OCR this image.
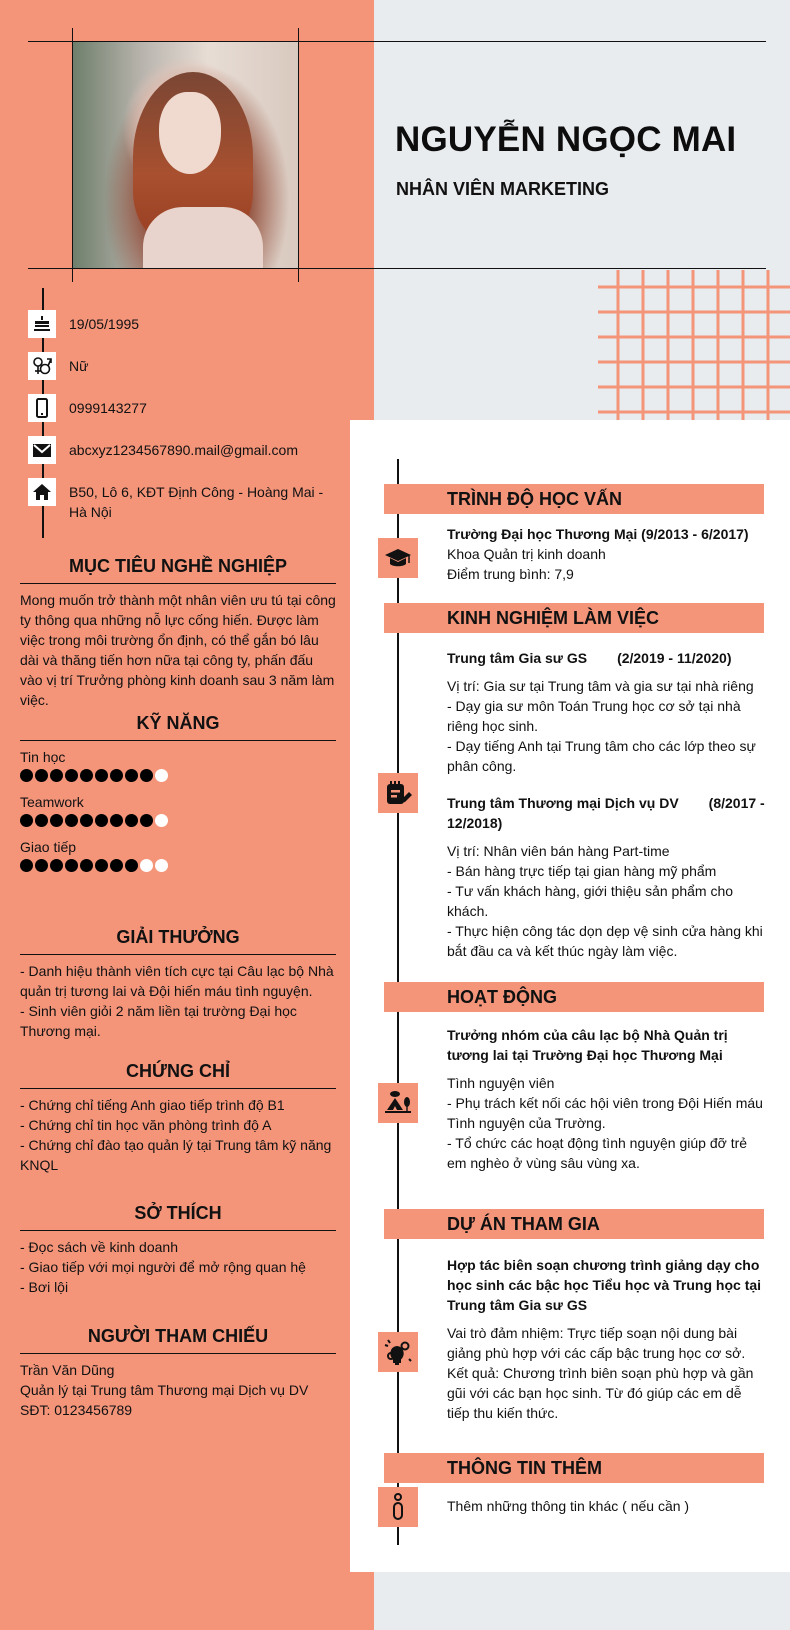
NGUYỄN NGỌC MAI
NHÂN VIÊN MARKETING
19/05/1995
Nữ
0999143277
abcxyz1234567890.mail@gmail.com
B50, Lô 6, KĐT Định Công - Hoàng Mai - Hà Nội
MỤC TIÊU NGHỀ NGHIỆP

Mong muốn trở thành một nhân viên ưu tú tại công ty thông qua những nỗ lực cống hiến. Được làm việc trong môi trường ổn định, có thể gắn bó lâu dài và thăng tiến hơn nữa tại công ty, phấn đấu vào vị trí Trưởng phòng kinh doanh sau 3 năm làm việc.

KỸ NĂNG
Tin học
Teamwork
Giao tiếp
GIẢI THƯỞNG

- Danh hiệu thành viên tích cực tại Câu lạc bộ Nhà quản trị tương lai và Đội hiến máu tình nguyện.

- Sinh viên giỏi 2 năm liền tại trường Đại học Thương mại.

CHỨNG CHỈ

- Chứng chỉ tiếng Anh giao tiếp trình độ B1

- Chứng chỉ tin học văn phòng trình độ A

- Chứng chỉ đào tạo quản lý tại Trung tâm kỹ năng KNQL

SỞ THÍCH

- Đọc sách về kinh doanh

- Giao tiếp với mọi người để mở rộng quan hệ

- Bơi lội

NGƯỜI THAM CHIẾU

Trần Văn Dũng

Quản lý tại Trung tâm Thương mại Dịch vụ DV

SĐT: 0123456789

TRÌNH ĐỘ HỌC VẤN
Trường Đại học Thương Mại (9/2013 - 6/2017)
Khoa Quản trị kinh doanh
Điểm trung bình: 7,9
KINH NGHIỆM LÀM VIỆC
Trung tâm Gia sư GS (2/2019 - 11/2020)
Vị trí: Gia sư tại Trung tâm và gia sư tại nhà riêng
- Dạy gia sư môn Toán Trung học cơ sở tại nhà riêng học sinh.
- Dạy tiếng Anh tại Trung tâm cho các lớp theo sự phân công.
Trung tâm Thương mại Dịch vụ DV (8/2017 - 12/2018)
Vị trí: Nhân viên bán hàng Part-time
- Bán hàng trực tiếp tại gian hàng mỹ phẩm
- Tư vấn khách hàng, giới thiệu sản phẩm cho khách.
- Thực hiện công tác dọn dẹp vệ sinh cửa hàng khi bắt đầu ca và kết thúc ngày làm việc.
HOẠT ĐỘNG
Trưởng nhóm của câu lạc bộ Nhà Quản trị tương lai tại Trường Đại học Thương Mại
Tình nguyện viên
- Phụ trách kết nối các hội viên trong Đội Hiến máu Tình nguyện của Trường.
- Tổ chức các hoạt động tình nguyện giúp đỡ trẻ em nghèo ở vùng sâu vùng xa.
DỰ ÁN THAM GIA
Hợp tác biên soạn chương trình giảng dạy cho học sinh các bậc học Tiểu học và Trung học tại Trung tâm Gia sư GS
Vai trò đảm nhiệm: Trực tiếp soạn nội dung bài giảng phù hợp với các cấp bậc trung học cơ sở.
Kết quả: Chương trình biên soạn phù hợp và gần gũi với các bạn học sinh. Từ đó giúp các em dễ tiếp thu kiến thức.
THÔNG TIN THÊM
Thêm những thông tin khác ( nếu cần )
